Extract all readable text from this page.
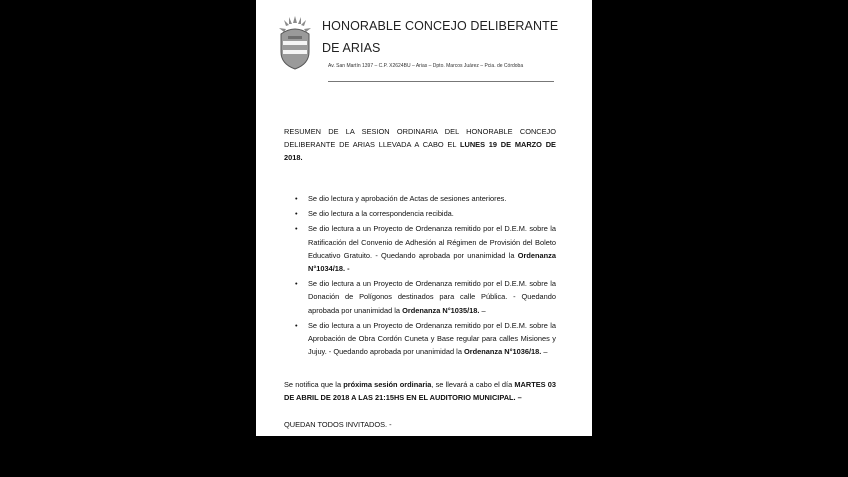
HONORABLE CONCEJO DELIBERANTE
DE ARIAS
Av. San Martín 1397 – C.P. X2624BU – Arias – Dpto. Marcos Juárez – Pcia. de Córdoba
RESUMEN DE LA SESION ORDINARIA DEL HONORABLE CONCEJO DELIBERANTE DE ARIAS LLEVADA A CABO EL LUNES 19 DE MARZO DE 2018.
• Se dio lectura y aprobación de Actas de sesiones anteriores.
• Se dio lectura a la correspondencia recibida.
• Se dio lectura a un Proyecto de Ordenanza remitido por el D.E.M. sobre la Ratificación del Convenio de Adhesión al Régimen de Provisión del Boleto Educativo Gratuito. - Quedando aprobada por unanimidad la Ordenanza N°1034/18. -
• Se dio lectura a un Proyecto de Ordenanza remitido por el D.E.M. sobre la Donación de Polígonos destinados para calle Pública. - Quedando aprobada por unanimidad la Ordenanza N°1035/18. –
• Se dio lectura a un Proyecto de Ordenanza remitido por el D.E.M. sobre la Aprobación de Obra Cordón Cuneta y Base regular para calles Misiones y Jujuy. - Quedando aprobada por unanimidad la Ordenanza N°1036/18. –
Se notifica que la próxima sesión ordinaria, se llevará a cabo el día MARTES 03 DE ABRIL DE 2018 A LAS 21:15HS EN EL AUDITORIO MUNICIPAL. –
QUEDAN TODOS INVITADOS. -
